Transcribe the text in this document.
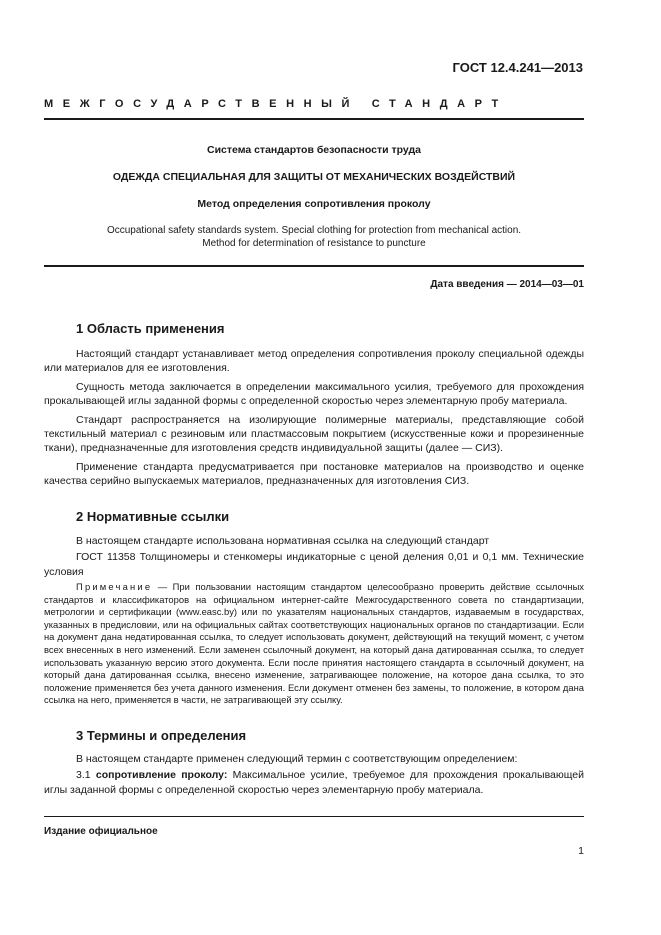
ГОСТ 12.4.241—2013
МЕЖГОСУДАРСТВЕННЫЙ СТАНДАРТ
Система стандартов безопасности труда
ОДЕЖДА СПЕЦИАЛЬНАЯ ДЛЯ ЗАЩИТЫ ОТ МЕХАНИЧЕСКИХ ВОЗДЕЙСТВИЙ
Метод определения сопротивления проколу
Occupational safety standards system. Special clothing for protection from mechanical action.
Method for determination of resistance to puncture
Дата введения — 2014—03—01
1 Область применения

Настоящий стандарт устанавливает метод определения сопротивления проколу специальной одежды или материалов для ее изготовления.

Сущность метода заключается в определении максимального усилия, требуемого для прохождения прокалывающей иглы заданной формы с определенной скоростью через элементарную пробу материала.

Стандарт распространяется на изолирующие полимерные материалы, представляющие собой текстильный материал с резиновым или пластмассовым покрытием (искусственные кожи и прорезиненные ткани), предназначенные для изготовления средств индивидуальной защиты (далее — СИЗ).

Применение стандарта предусматривается при постановке материалов на производство и оценке качества серийно выпускаемых материалов, предназначенных для изготовления СИЗ.

2 Нормативные ссылки

В настоящем стандарте использована нормативная ссылка на следующий стандарт

ГОСТ 11358 Толщиномеры и стенкомеры индикаторные с ценой деления 0,01 и 0,1 мм. Технические условия

Примечание — При пользовании настоящим стандартом целесообразно проверить действие ссылочных стандартов и классификаторов на официальном интернет-сайте Межгосударственного совета по стандартизации, метрологии и сертификации (www.easc.by) или по указателям национальных стандартов, издаваемым в государствах, указанных в предисловии, или на официальных сайтах соответствующих национальных органов по стандартизации. Если на документ дана недатированная ссылка, то следует использовать документ, действующий на текущий момент, с учетом всех внесенных в него изменений. Если заменен ссылочный документ, на который дана датированная ссылка, то следует использовать указанную версию этого документа. Если после принятия настоящего стандарта в ссылочный документ, на который дана датированная ссылка, внесено изменение, затрагивающее положение, на которое дана ссылка, то это положение применяется без учета данного изменения. Если документ отменен без замены, то положение, в котором дана ссылка на него, применяется в части, не затрагивающей эту ссылку.

3 Термины и определения

В настоящем стандарте применен следующий термин с соответствующим определением:

3.1 сопротивление проколу: Максимальное усилие, требуемое для прохождения прокалывающей иглы заданной формы с определенной скоростью через элементарную пробу материала.

Издание официальное
1
